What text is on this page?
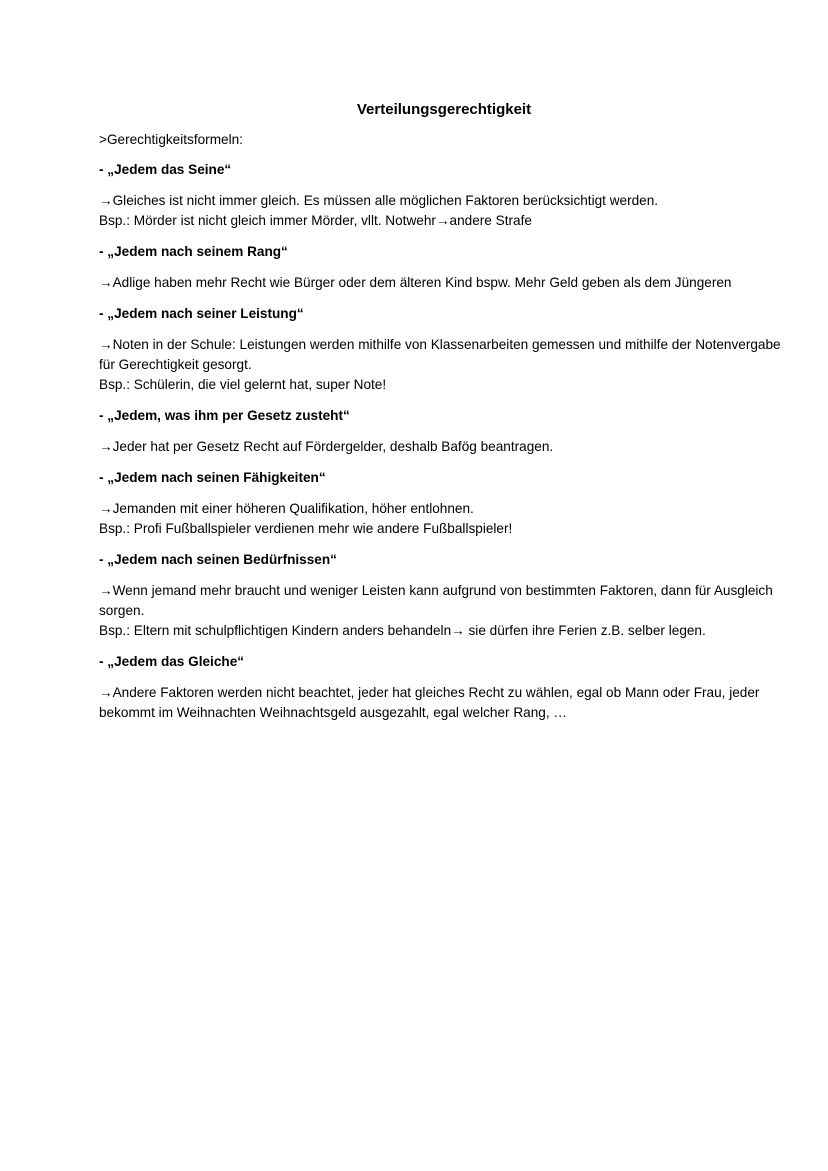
Verteilungsgerechtigkeit
>Gerechtigkeitsformeln:
- „Jedem das Seine“
→Gleiches ist nicht immer gleich. Es müssen alle möglichen Faktoren berücksichtigt werden.
Bsp.: Mörder ist nicht gleich immer Mörder, vllt. Notwehr→andere Strafe
- „Jedem nach seinem Rang“
→Adlige haben mehr Recht wie Bürger oder dem älteren Kind bspw. Mehr Geld geben als dem Jüngeren
- „Jedem nach seiner Leistung“
→Noten in der Schule: Leistungen werden mithilfe von Klassenarbeiten gemessen und mithilfe der Notenvergabe für Gerechtigkeit gesorgt.
Bsp.: Schülerin, die viel gelernt hat, super Note!
- „Jedem, was ihm per Gesetz zusteht“
→Jeder hat per Gesetz Recht auf Fördergelder, deshalb Bafög beantragen.
- „Jedem nach seinen Fähigkeiten“
→Jemanden mit einer höheren Qualifikation, höher entlohnen.
Bsp.: Profi Fußballspieler verdienen mehr wie andere Fußballspieler!
- „Jedem nach seinen Bedürfnissen“
→Wenn jemand mehr braucht und weniger Leisten kann aufgrund von bestimmten Faktoren, dann für Ausgleich sorgen.
Bsp.: Eltern mit schulpflichtigen Kindern anders behandeln→ sie dürfen ihre Ferien z.B. selber legen.
- „Jedem das Gleiche“
→Andere Faktoren werden nicht beachtet, jeder hat gleiches Recht zu wählen, egal ob Mann oder Frau, jeder bekommt im Weihnachten Weihnachtsgeld ausgezahlt, egal welcher Rang, …
